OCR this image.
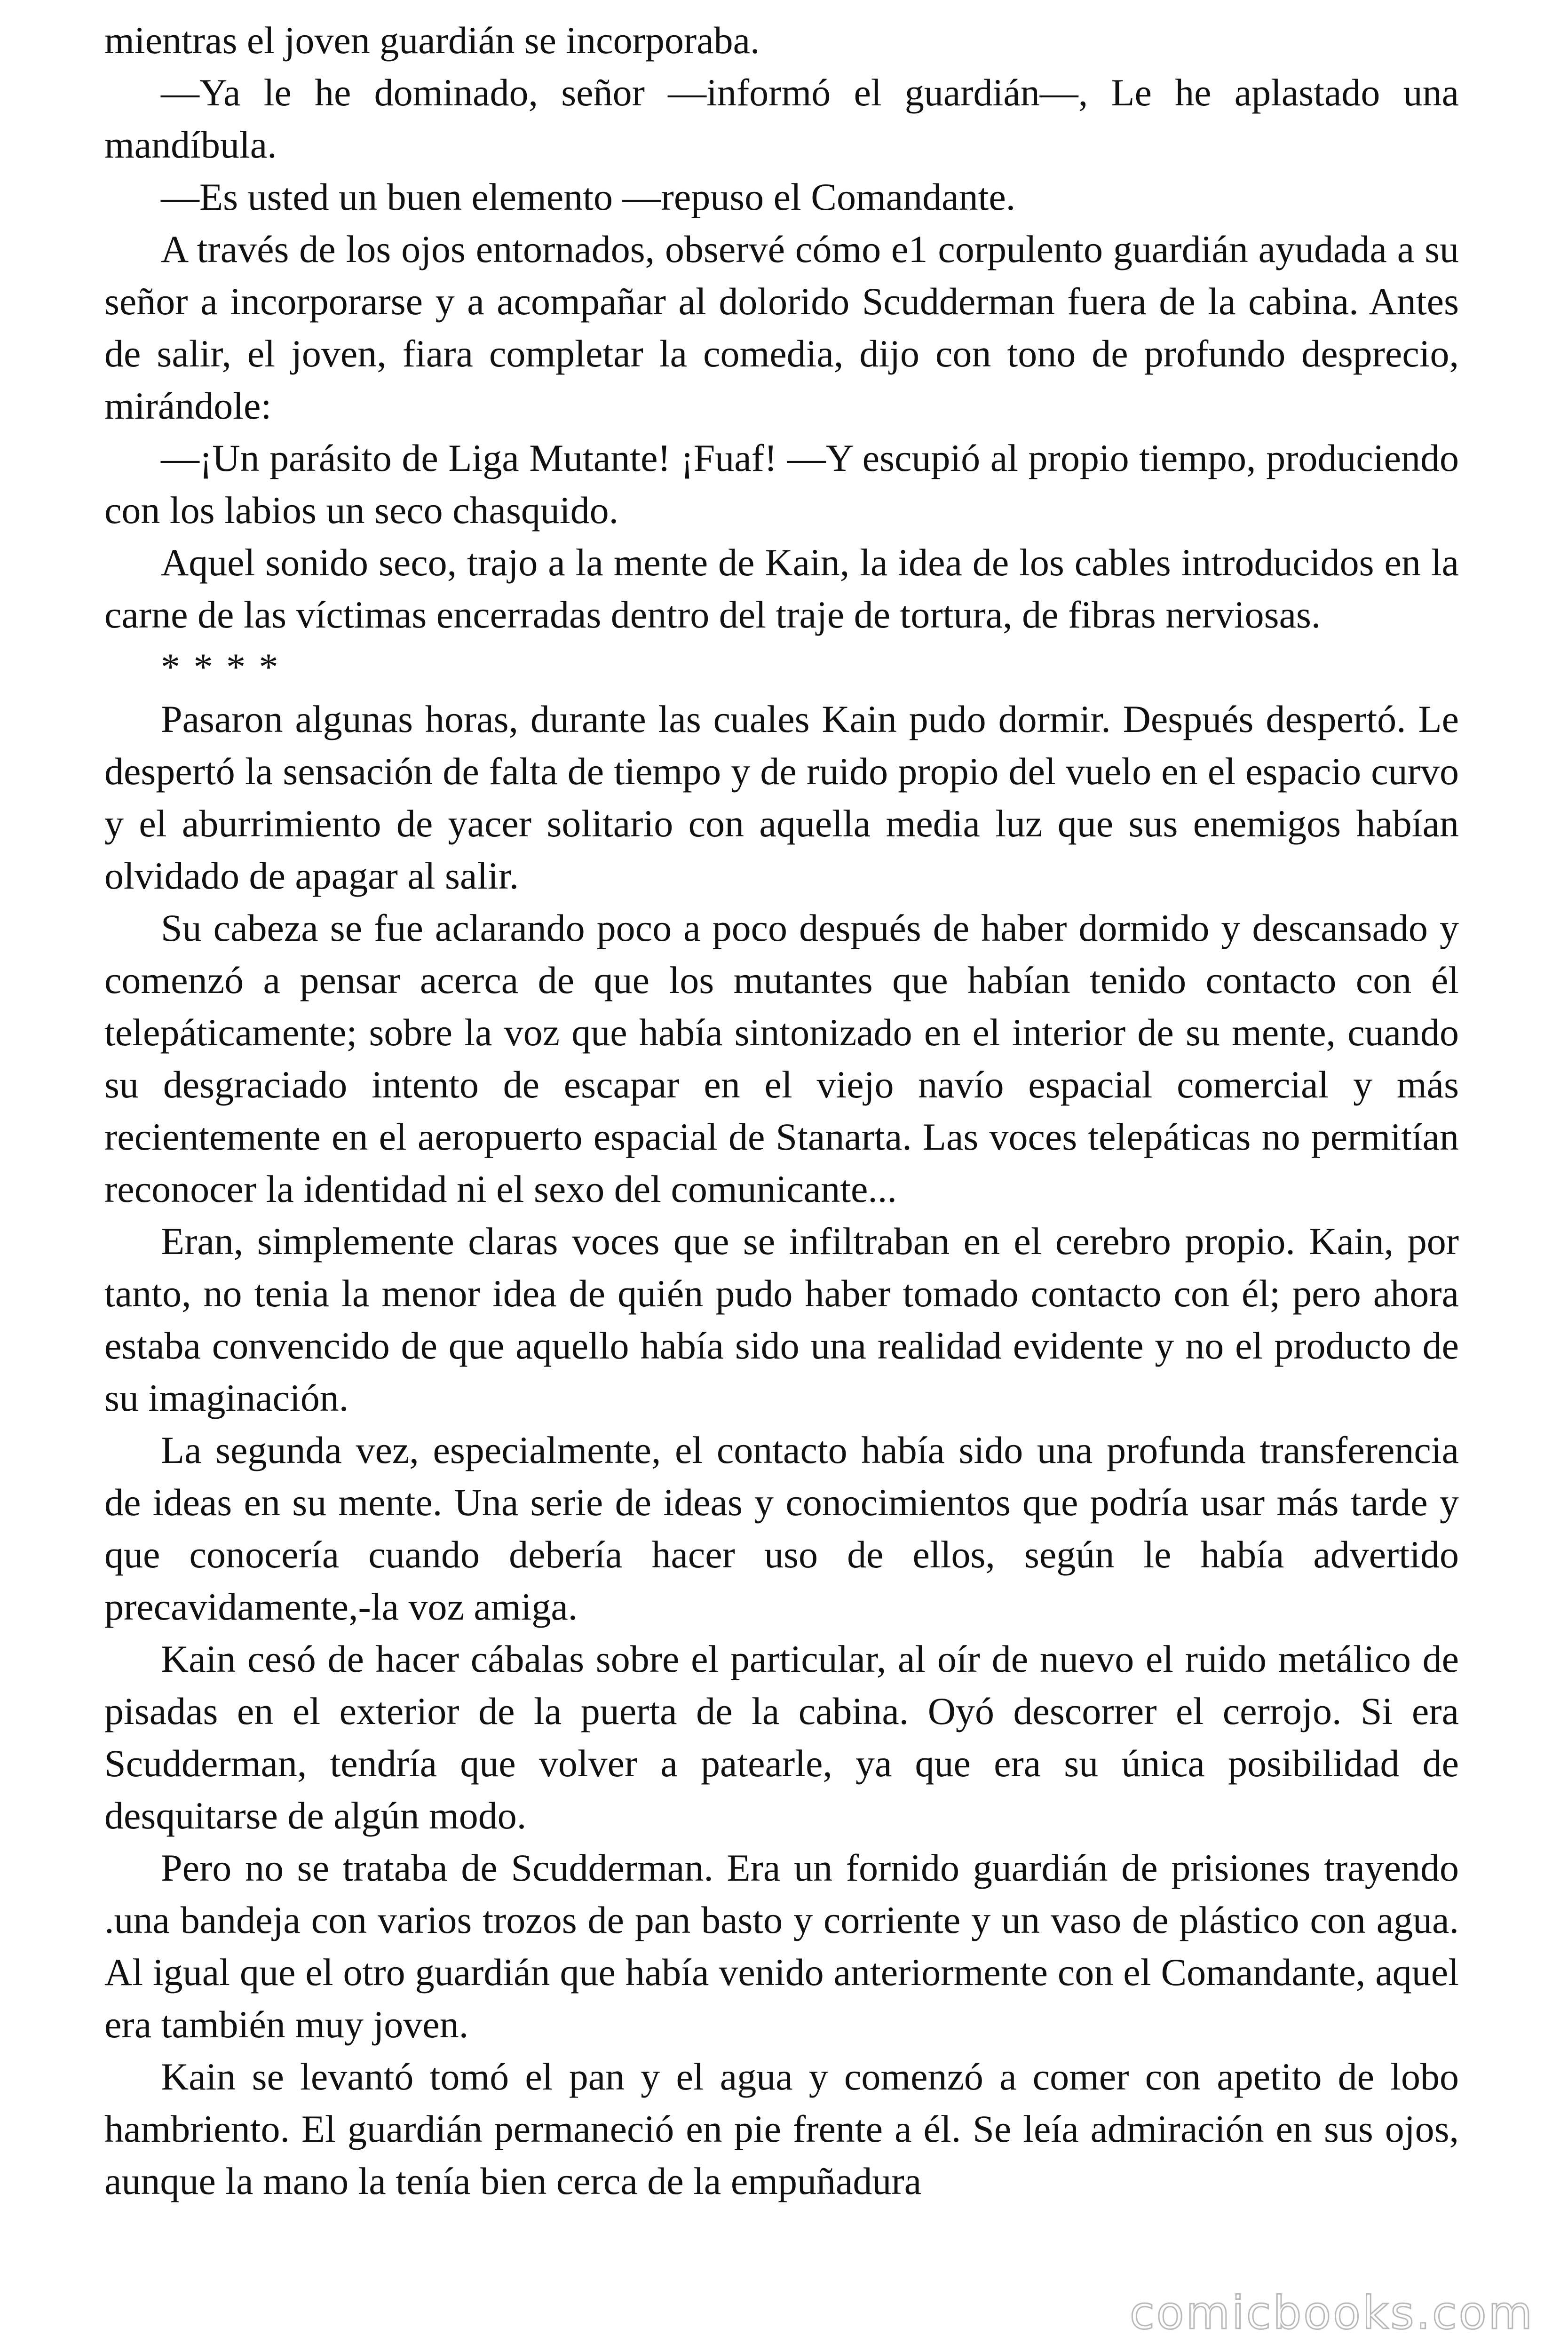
mientras el joven guardián se incorporaba.

—Ya le he dominado, señor —informó el guardián—, Le he aplastado una mandíbula.

—Es usted un buen elemento —repuso el Comandante.

A través de los ojos entornados, observé cómo e1 corpulento guardián ayudada a su señor a incorporarse y a acompañar al dolorido Scudderman fuera de la cabina. Antes de salir, el joven, fiara completar la comedia, dijo con tono de profundo desprecio, mirándole:

—¡Un parásito de Liga Mutante! ¡Fuaf! —Y escupió al propio tiempo, produciendo con los labios un seco chasquido.

Aquel sonido seco, trajo a la mente de Kain, la idea de los cables introducidos en la carne de las víctimas encerradas dentro del traje de tortura, de fibras nerviosas.

* * * *

Pasaron algunas horas, durante las cuales Kain pudo dormir. Después despertó. Le despertó la sensación de falta de tiempo y de ruido propio del vuelo en el espacio curvo y el aburrimiento de yacer solitario con aquella media luz que sus enemigos habían olvidado de apagar al salir.

Su cabeza se fue aclarando poco a poco después de haber dormido y descansado y comenzó a pensar acerca de que los mutantes que habían tenido contacto con él telepáticamente; sobre la voz que había sintonizado en el interior de su mente, cuando su desgraciado intento de escapar en el viejo navío espacial comercial y más recientemente en el aeropuerto espacial de Stanarta. Las voces telepáticas no permitían reconocer la identidad ni el sexo del comunicante...

Eran, simplemente claras voces que se infiltraban en el cerebro propio. Kain, por tanto, no tenia la menor idea de quién pudo haber tomado contacto con él; pero ahora estaba convencido de que aquello había sido una realidad evidente y no el producto de su imaginación.

La segunda vez, especialmente, el contacto había sido una profunda transferencia de ideas en su mente. Una serie de ideas y conocimientos que podría usar más tarde y que conocería cuando debería hacer uso de ellos, según le había advertido precavidamente,-la voz amiga.

Kain cesó de hacer cábalas sobre el particular, al oír de nuevo el ruido metálico de pisadas en el exterior de la puerta de la cabina. Oyó descorrer el cerrojo. Si era Scudderman, tendría que volver a patearle, ya que era su única posibilidad de desquitarse de algún modo.

Pero no se trataba de Scudderman. Era un fornido guardián de prisiones trayendo .una bandeja con varios trozos de pan basto y corriente y un vaso de plástico con agua. Al igual que el otro guardián que había venido anteriormente con el Comandante, aquel era también muy joven.

Kain se levantó tomó el pan y el agua y comenzó a comer con apetito de lobo hambriento. El guardián permaneció en pie frente a él. Se leía admiración en sus ojos, aunque la mano la tenía bien cerca de la empuñadura

comicbooks.com
